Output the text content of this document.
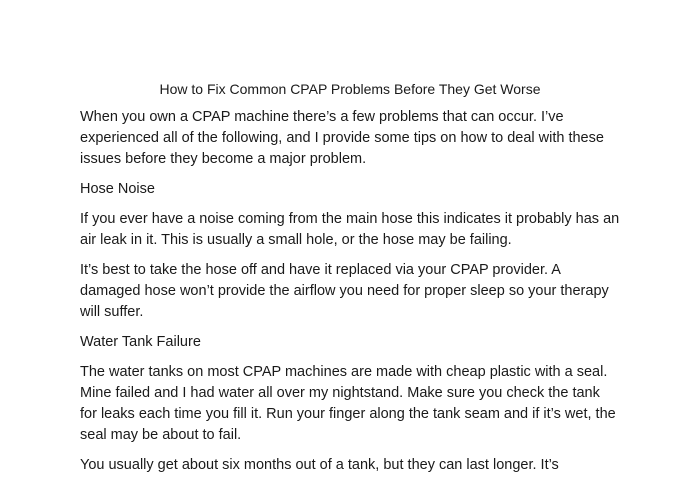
How to Fix Common CPAP Problems Before They Get Worse

When you own a CPAP machine there’s a few problems that can occur. I’ve experienced all of the following, and I provide some tips on how to deal with these issues before they become a major problem.

Hose Noise

If you ever have a noise coming from the main hose this indicates it probably has an air leak in it. This is usually a small hole, or the hose may be failing.

It’s best to take the hose off and have it replaced via your CPAP provider. A damaged hose won’t provide the airflow you need for proper sleep so your therapy will suffer.

Water Tank Failure

The water tanks on most CPAP machines are made with cheap plastic with a seal. Mine failed and I had water all over my nightstand. Make sure you check the tank for leaks each time you fill it. Run your finger along the tank seam and if it’s wet, the seal may be about to fail.

You usually get about six months out of a tank, but they can last longer. It’s
